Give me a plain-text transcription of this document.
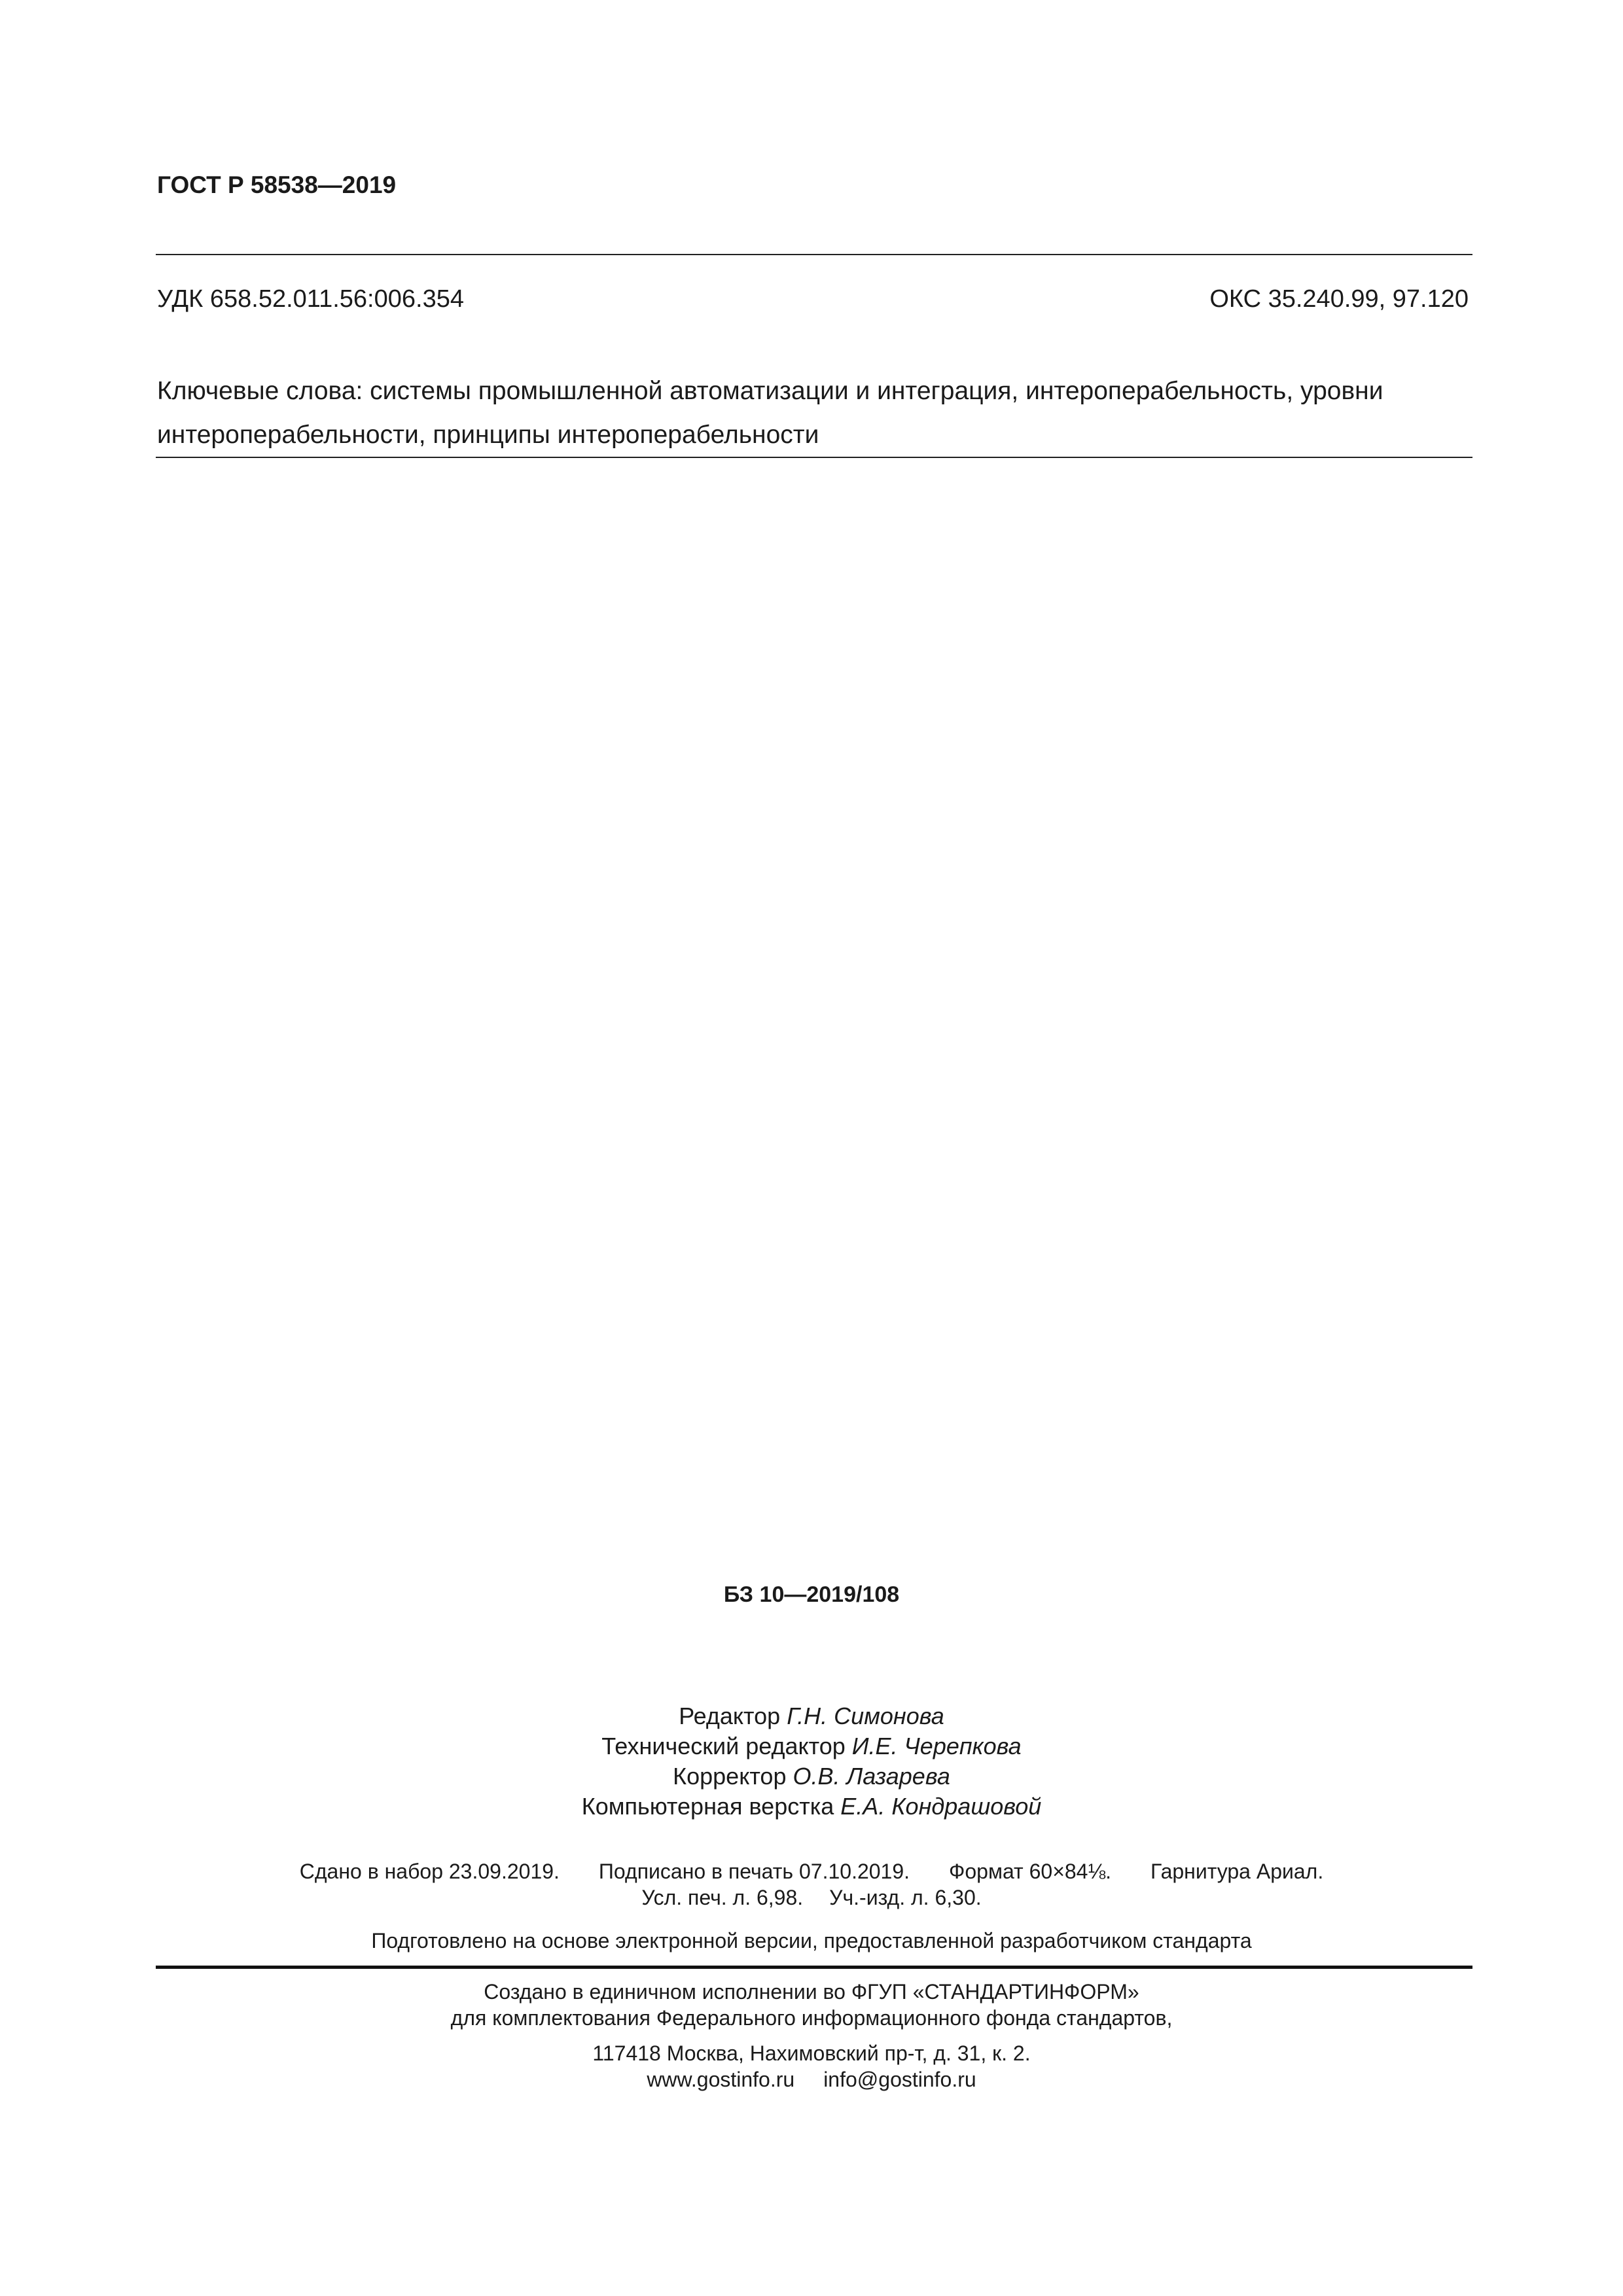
ГОСТ Р 58538—2019
УДК 658.52.011.56:006.354	ОКС 35.240.99, 97.120
Ключевые слова: системы промышленной автоматизации и интеграция, интероперабельность, уровни
интероперабельности, принципы интероперабельности
БЗ 10—2019/108
Редактор Г.Н. Симонова
Технический редактор И.Е. Черепкова
Корректор О.В. Лазарева
Компьютерная верстка Е.А. Кондрашовой
Сдано в набор 23.09.2019. Подписано в печать 07.10.2019. Формат 60×84⅛. Гарнитура Ариал.
Усл. печ. л. 6,98. Уч.-изд. л. 6,30.
Подготовлено на основе электронной версии, предоставленной разработчиком стандарта
Создано в единичном исполнении во ФГУП «СТАНДАРТИНФОРМ»
для комплектования Федерального информационного фонда стандартов,
117418 Москва, Нахимовский пр-т, д. 31, к. 2.
www.gostinfo.ru info@gostinfo.ru
